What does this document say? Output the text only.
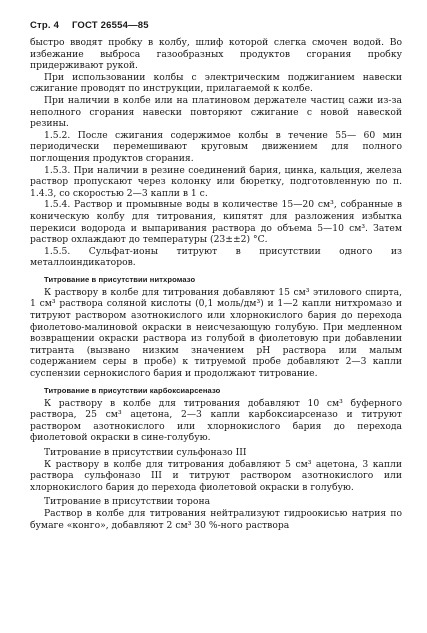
Стр. 4 ГОСТ 26554—85

быстро вводят пробку в колбу, шлиф которой слегка смочен водой. Во избежание выброса газообразных продуктов сгорания пробку придерживают рукой.

При использовании колбы с электрическим поджиганием навески сжигание проводят по инструкции, прилагаемой к колбе.

При наличии в колбе или на платиновом держателе частиц сажи из-за неполного сгорания навески повторяют сжигание с новой навеской резины.

1.5.2. После сжигания содержимое колбы в течение 55— 60 мин периодически перемешивают круговым движением для полного поглощения продуктов сгорания.

1.5.3. При наличии в резине соединений бария, цинка, кальция, железа раствор пропускают через колонку или бюретку, подготовленную по п. 1.4.3, со скоростью 2—3 капли в 1 с.

1.5.4. Раствор и промывные воды в количестве 15—20 см³, собранные в коническую колбу для титрования, кипятят для разложения избытка перекиси водорода и выпаривания раствора до объема 5—10 см³. Затем раствор охлаждают до температуры (23±±2) °С.

1.5.5. Сульфат-ионы титруют в присутствии одного из металлоиндикаторов.

Титрование в присутствии нитхромазо

К раствору в колбе для титрования добавляют 15 см³ этилового спирта, 1 см³ раствора соляной кислоты (0,1 моль/дм³) и 1—2 капли нитхромазо и титруют раствором азотнокислого или хлорнокислого бария до перехода фиолетово-малиновой окраски в неисчезающую голубую. При медленном возвращении окраски раствора из голубой в фиолетовую при добавлении титранта (вызвано низким значением pH раствора или малым содержанием серы в пробе) к титруемой пробе добавляют 2—3 капли суспензии сернокислого бария и продолжают титрование.

Титрование в присутствии карбоксиарсеназо

К раствору в колбе для титрования добавляют 10 см³ буферного раствора, 25 см³ ацетона, 2—3 капли карбоксиарсеназо и титруют раствором азотнокислого или хлорнокислого бария до перехода фиолетовой окраски в сине-голубую.

Титрование в присутствии сульфоназо III

К раствору в колбе для титрования добавляют 5 см³ ацетона, 3 капли раствора сульфоназо III и титруют раствором азотнокислого или хлорнокислого бария до перехода фиолетовой окраски в голубую.

Титрование в присутствии торона

Раствор в колбе для титрования нейтрализуют гидроокисью натрия по бумаге «конго», добавляют 2 см³ 30 %-ного раствора
